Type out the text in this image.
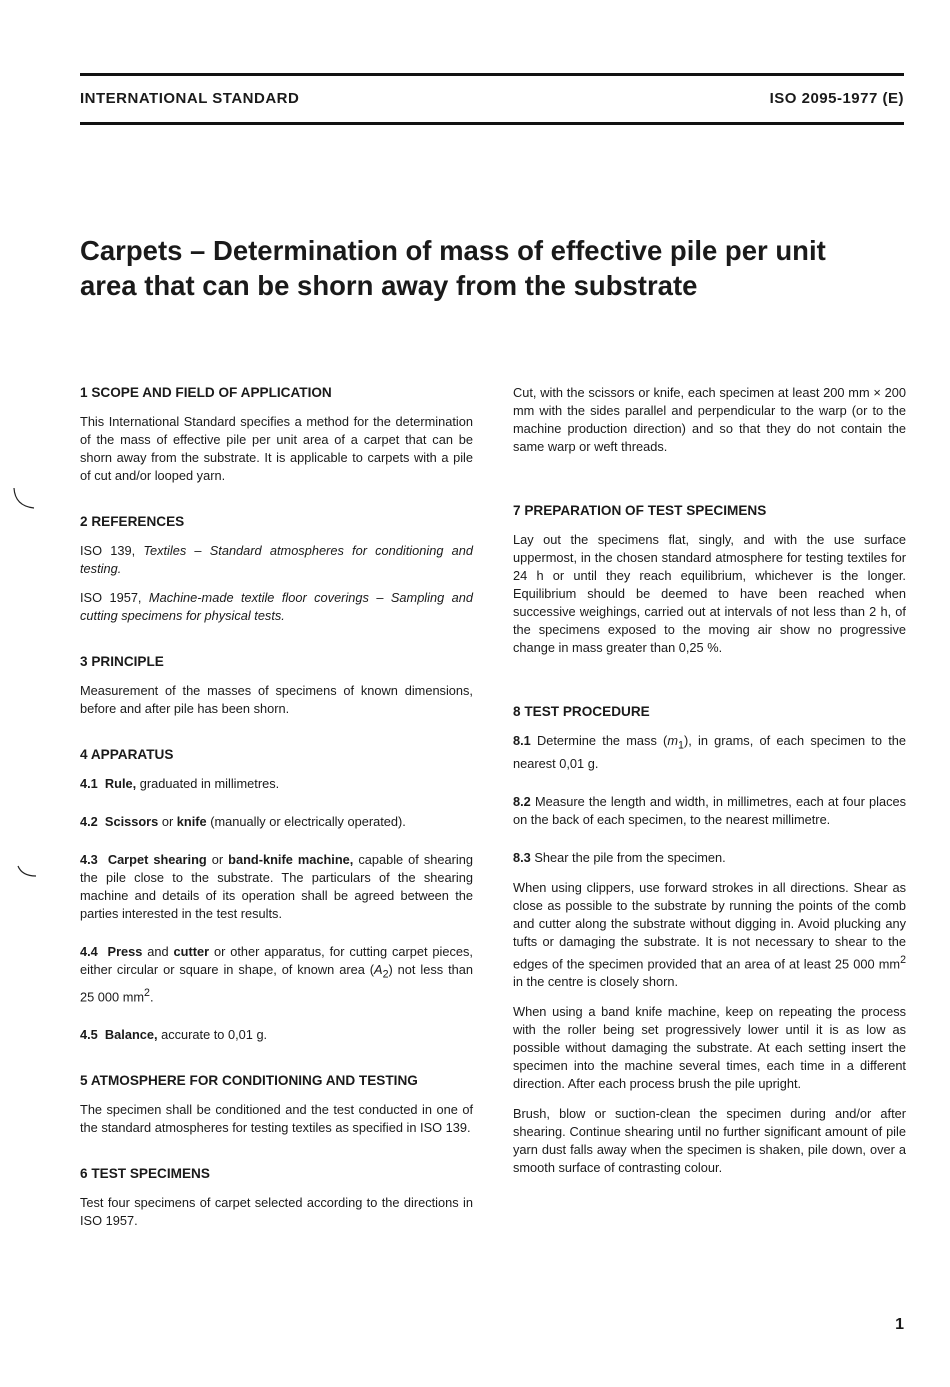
INTERNATIONAL STANDARD	ISO 2095-1977 (E)
Carpets – Determination of mass of effective pile per unit
area that can be shorn away from the substrate
1 SCOPE AND FIELD OF APPLICATION

This International Standard specifies a method for the determination of the mass of effective pile per unit area of a carpet that can be shorn away from the substrate. It is applicable to carpets with a pile of cut and/or looped yarn.

2 REFERENCES

ISO 139, Textiles – Standard atmospheres for conditioning and testing.

ISO 1957, Machine-made textile floor coverings – Sampling and cutting specimens for physical tests.

3 PRINCIPLE

Measurement of the masses of specimens of known dimensions, before and after pile has been shorn.

4 APPARATUS

4.1 Rule, graduated in millimetres.

4.2 Scissors or knife (manually or electrically operated).

4.3 Carpet shearing or band-knife machine, capable of shearing the pile close to the substrate. The particulars of the shearing machine and details of its operation shall be agreed between the parties interested in the test results.

4.4 Press and cutter or other apparatus, for cutting carpet pieces, either circular or square in shape, of known area $(A_2)$ not less than 25 000 $mm^2$.

4.5 Balance, accurate to 0,01 g.

5 ATMOSPHERE FOR CONDITIONING AND TESTING

The specimen shall be conditioned and the test conducted in one of the standard atmospheres for testing textiles as specified in ISO 139.

6 TEST SPECIMENS

Test four specimens of carpet selected according to the directions in ISO 1957.

Cut, with the scissors or knife, each specimen at least 200 mm × 200 mm with the sides parallel and perpendicular to the warp (or to the machine production direction) and so that they do not contain the same warp or weft threads.

7 PREPARATION OF TEST SPECIMENS

Lay out the specimens flat, singly, and with the use surface uppermost, in the chosen standard atmosphere for testing textiles for 24 h or until they reach equilibrium, whichever is the longer. Equilibrium should be deemed to have been reached when successive weighings, carried out at intervals of not less than 2 h, of the specimens exposed to the moving air show no progressive change in mass greater than 0,25 %.

8 TEST PROCEDURE

8.1 Determine the mass $(m_1)$, in grams, of each specimen to the nearest 0,01 g.

8.2 Measure the length and width, in millimetres, each at four places on the back of each specimen, to the nearest millimetre.

8.3 Shear the pile from the specimen.

When using clippers, use forward strokes in all directions. Shear as close as possible to the substrate by running the points of the comb and cutter along the substrate without digging in. Avoid plucking any tufts or damaging the substrate. It is not necessary to shear to the edges of the specimen provided that an area of at least 25 000 $mm^2$ in the centre is closely shorn.

When using a band knife machine, keep on repeating the process with the roller being set progressively lower until it is as low as possible without damaging the substrate. At each setting insert the specimen into the machine several times, each time in a different direction. After each process brush the pile upright.

Brush, blow or suction-clean the specimen during and/or after shearing. Continue shearing until no further significant amount of pile yarn dust falls away when the specimen is shaken, pile down, over a smooth surface of contrasting colour.

1
